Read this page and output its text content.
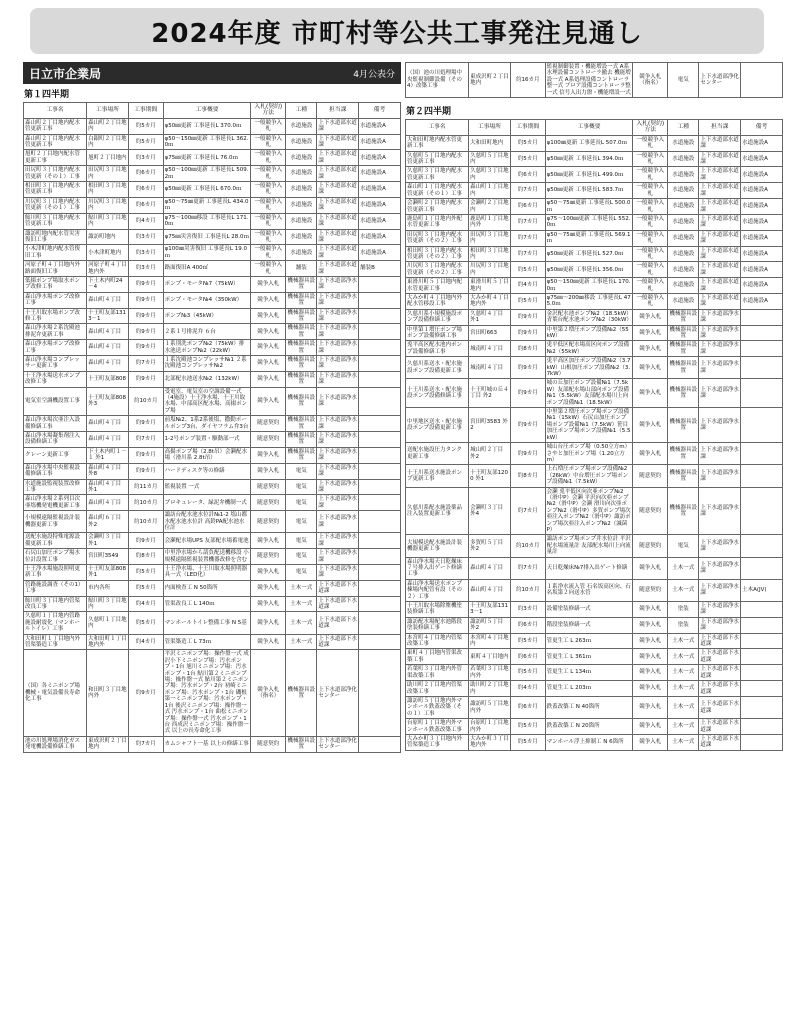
2024年度 市町村等公共工事発注見通し
日立市企業局	4月公表分
第１四半期
工事名	工事場所	工事期間	工事概要	入札(契約)方法	工種	担当課	備考
森山町２丁目地内配水管更新工事	森山町２丁目地内	約5カ月	φ50㎜更新 工事延長L 370.0ｍ	一般競争入札	水道施設	上下水道部水道課	水道施設A
森山町２丁目地内配水管更新工事	白銀町２丁目地内	約5カ月	φ50～150㎜更新 工事延長L 362.0ｍ	一般競争入札	水道施設	上下水道部水道課	水道施設A
旭町２丁目地内配水管更新工事	旭町２丁目地内	約3カ月	φ75㎜更新 工事延長L 76.0ｍ	一般競争入札	水道施設	上下水道部水道課	水道施設A
田尻町３丁目地内配水管更新（その１）工事	田尻町３丁目地内	約6カ月	φ50～100㎜更新 工事延長L 509.2ｍ	一般競争入札	水道施設	上下水道部水道課	水道施設A
相田町３丁目地内配水管更新工事	相田町３丁目地内	約6カ月	φ50㎜更新 工事延長L 670.0ｍ	一般競争入札	水道施設	上下水道部水道課	水道施設A
川尻町３丁目地内配水管更新（その１）工事	川尻町３丁目地内	約6カ月	φ50～75㎜更新 工事延長L 434.0ｍ	一般競争入札	水道施設	上下水道部水道課	水道施設A
鮎川町３丁目地内配水管更新工事	鮎川町３丁目地内	約4カ月	φ75～100㎜移設 工事延長L 171.0ｍ	一般競争入札	水道施設	上下水道部水道課	水道施設A
諏訪町地内配水管災害復旧工事	諏訪町地内	約3カ月	φ75㎜災害復旧 工事延長L 28.0ｍ	一般競争入札	水道施設	上下水道部水道課	水道施設A
小木津町地内配水管復旧工事	小木津町地内	約3カ月	φ100㎜災害復旧 工事延長L 19.0ｍ	一般競争入札	水道施設	上下水道部水道課	水道施設A
河原子町４丁目地内外路面復旧工事	河原子町４丁目地内外	約3カ月	路面復旧A 400㎡	一般競争入札	舗装	上下水道部水道課	舗装B
低揚ポンプ場取水ポンプ改修工事	下土木内町24－4	約9カ月	ポンプ・モータ№7（75kW）	競争入札	機械器具設置	上下水道部浄水課	
森山浄水場ポンプ改修工事	森山町４丁目	約9カ月	ポンプ・モータ№4（350kW）	競争入札	機械器具設置	上下水道部浄水課	
十王川取水場ポンプ改修工事	十王町友部1313－1	約9カ月	ポンプ№3（45kW）	競争入札	機械器具設置	上下水道部浄水課	
森山浄水場２系沈殿池排泥弁更新工事	森山町４丁目	約9カ月	２系１号排泥弁 ６台	競争入札	機械器具設置	上下水道部浄水課	
森山浄水場ポンプ改修工事	森山町４丁目	約9カ月	１系別洗ポンプ№2（75kW）排水池送ポンプ№2（22kW）	競争入札	機械器具設置	上下水道部浄水課	
森山浄水場コンプレッサー更新工事	森山町４丁目	約7カ月	１系沈殿池コンプレッサ№1 ２系沈殿池コンプレッサ№2	競争入札	機械器具設置	上下水道部浄水課	
十王浄水場送水ポンプ改修工事	十王町友部808	約9カ月	北部配水池送水№2（132kW）	競争入札	機械器具設置	上下水道部浄水課	
電気室空調機設置工事	十王町友部808 外3	約10カ月	受電室、電気室の空調設備一式（4施設）十王浄水場、十王川取水場、中部高区配水場、高揚ポンプ場	競争入札	機械器具設置	上下水道部浄水課	
森山浄水場次亜注入設備修繕工事	森山町４丁目	約9カ月	前塩№2、1系2系後塩、撒動ポールポンプ3台、ダイヤフラム弁3台	随意契約	機械器具設置	上下水道部浄水課	
森山浄水場凝集剤注入設備修繕工事	森山町４丁目	約7カ月	1-2号ポンプ装置・駆動部一式	随意契約	機械器具設置	上下水道部浄水課	
クレーン更新工事	下土木内町１－１ 外1	約9カ月	高揚ポンプ場（2.8t吊）会瀬配水場（滑川系 2.8t吊）	競争入札	機械器具設置	上下水道部浄水課	
森山浄水場中央監視設備修繕工事	森山町４丁目 外8	約9カ月	ハードディスク等の修繕	競争入札	電気	上下水道部浄水課	
水道施設監視装置改修工事	森山町４丁目 外1	約11カ月	監視装置 一式	随意契約	電気	上下水道部浄水課	
森山浄水場２系列目次亜塩機発電機更新工事	森山町４丁目	約10カ月	プロキュレータ、緑泥弁機制一式	随意契約	電気	上下水道部浄水課	
小規模遠隔監視設計装機器更新工事	森山町６丁目 外2	約10カ月	諏訪台配水池水位計№1-2 塩山都水配水池水位計 高鈴PA配水池水位計	随意契約	電気	上下水道部浄水課	
送配水施設特殊電源設備更新工事	会瀬町３丁目 外1	約9カ月	会瀬配水場UPS 友部配水場蓄電池	競争入札	電気	上下水道部浄水課	
石尻山加圧ポンプ場水位計設置工事	宮田町3549	約8カ月	中里浄水場から請負配送機移設 小規模遠隔監視装置機器改修を含む	随意契約	電気	上下水道部浄水課	
十王浄水場施設照明更新工事	十王町友部808 外1	約5カ月	十王浄水場、十王川取水場照明器具一式（LED化）	競争入札	電気	上下水道部浄水課	
管路施設調査（その1）工事	市内各所	約5カ月	内面検査工 N 50箇所	競争入札	土木一式	上下水道部下水道課	
鮎川町３丁目地内管渠改良工事	鮎川町３丁目地内	約4カ月	管渠改良工 L 140ｍ	競争入札	土木一式	上下水道部下水道課	
久慈町１丁目地内管路施設耐震化（マンホールトイレ）工事	久慈町１丁目地内	約5カ月	マンホールトイレ整備工事 N 5基	競争入札	土木一式	上下水道部下水道課	
大和田町１丁目地内外管渠築造工事	大和田町１丁目地内外	約4カ月	管渠築造工 L 73ｍ	競争入札	土木一式	上下水道部下水道課	
（国）各ミニポンプ場機械・電気設備長寿命化工事	和田町３丁目地内外	約9カ月	平沢ミニポンプ場：操作盤一式 成沢小下ミニポンプ場：汚水ポンプ・1台 旭川ミニポンプ場：汚水ポンプ・1台 鮎川第２ミニポンプ場：操作盤一式 鮎川第２ミニポンプ場：汚水ポンプ・2台 初崎ミニポンプ場：汚水ポンプ・1台 磯根第一ミニポンプ場：汚水ポンプ・1台 後沢ミニポンプ場：操作盤一式 汚水ポンプ・1台 曲松ミニポンプ場：操作盤一式 汚水ポンプ・1台 西成沢ミニポンプ場：操作盤一式 以上の長寿命化工事	競争入札（指名）	機械器具設置	上下水道部浄化センター	
池の川処理場消化ガス発電機設備修繕工事	東成沢町２丁目地内	約7カ月	カムシャフト一基 以上の修繕工事	随意契約	機械器具設置	上下水道部浄化センター	
（国）池の川処理場中央監視制御設備（その4）改築工事	東成沢町２丁目地内	約16カ月	監視制御装置・機能増設一式 A系水理設備コントローラ撤去 機能増設一式 A系処理設備コントローラ整一式 ブロア設備コントローラ整一式 信号入出力盤・機能増設一式	競争入札（指名）	電気	上下水道部浄化センター	
第２四半期
工事名	工事場所	工事期間	工事概要	入札(契約)方法	工種	担当課	備考
大和田町地内配水管更新工事	大和田町地内	約5カ月	φ100㎜更新 工事延長L 507.0ｍ	一般競争入札	水道施設	上下水道部水道課	水道施設A
久慈町５丁目地内配水管更新工事	久慈町５丁目地内	約5カ月	φ50㎜更新 工事延長L 394.0ｍ	一般競争入札	水道施設	上下水道部水道課	水道施設A
久慈町３丁目地内配水管更新工事	久慈町３丁目地内	約6カ月	φ50㎜更新 工事延長L 499.0ｍ	一般競争入札	水道施設	上下水道部水道課	水道施設A
森山町１丁目地内配水管更新（その１）工事	森山町１丁目地内	約7カ月	φ50㎜更新 工事延長L 583.7ｍ	一般競争入札	水道施設	上下水道部水道課	水道施設A
会瀬町２丁目地内配水管更新工事	会瀬町２丁目地内	約6カ月	φ50～75㎜更新 工事延長L 500.0ｍ	一般競争入札	水道施設	上下水道部水道課	水道施設A
鹿島町１丁目地内外配水管更新工事	鹿島町１丁目地内外	約7カ月	φ75～100㎜更新 工事延長L 552.0ｍ	一般競争入札	水道施設	上下水道部水道課	水道施設A
田尻町３丁目地内配水管更新（その２）工事	田尻町３丁目地内	約7カ月	φ50～75㎜更新 工事延長L 569.1ｍ	一般競争入札	水道施設	上下水道部水道課	水道施設A
相田町３丁目地内配水管更新（その２）工事	相田町３丁目地内	約7カ月	φ50㎜更新 工事延長L 527.0ｍ	一般競争入札	水道施設	上下水道部水道課	水道施設A
川尻町３丁目地内配水管更新（その２）工事	川尻町３丁目地内	約5カ月	φ50㎜更新 工事延長L 356.0ｍ	一般競争入札	水道施設	上下水道部水道課	水道施設A
東滑川町５丁目地内配水管更新工事	東滑川町５丁目地内	約4カ月	φ50～150㎜更新 工事延長L 170.0ｍ	一般競争入札	水道施設	上下水道部水道課	水道施設A
大みか町４丁目地内外配水管移設工事	大みか町４丁目地内外	約5カ月	φ75㎜～200㎜移設 工事延長L 475.0ｍ	一般競争入札	水道施設	上下水道部水道課	水道施設A
久慈川系小規模施設ポンプ設備修繕工事	久慈町４丁目 外1	約9カ月	金沢配水池ポンプ№2（18.5kW）青葉台配水池ポンプ№2（30kW）	競争入札	機械器具設置	上下水道部浄水課	
中里第１増圧ポンプ場ポンプ設備修繕工事	宮田町663	約9カ月	中里第２増圧ポンプ設備№2（55kW）	競争入札	機械器具設置	上下水道部浄水課	
兎平高区配水池内ポンプ設備修繕工事	城南町４丁目	約8カ月	兎平低区配水場高区向ポンプ設備№2（55kW）	競争入札	機械器具設置	上下水道部浄水課	
久慈川系送水・配水施設ポンプ設備更新工事	城南町４丁目	約9カ月	兎平高区加圧ポンプ設備№2（3.7kW）山根加圧ポンプ設備№2（3.7kW）	競争入札	機械器具設置	上下水道部浄水課	
十王川系送水・配水施設ポンプ設備修繕工事	十王町城の丘４丁目 外2	約9カ月	城の丘加圧ポンプ設備№1（7.5kW）友部配水場山部向ポンプ設備№1（5.5kW）友部配水場川上向ポンプ設備№1（18.5kW）	競争入札	機械器具設置	上下水道部浄水課	
中里地区送水・配水施設ポンプ設備更新工事	宮田町3583 外2	約9カ月	中里第２増圧ポンプ場ポンプ設備№1（15kW）石尻山加圧ポンプ場ポンプ設備№1（7.5kW）笹目加圧ポンプ場ポンプ設備№1（5.5kW）	競争入札	機械器具設置	上下水道部浄水課	
送配水施設圧力タンク更新工事	城山町２丁目 外2	約9カ月	城山台圧ポンプ場（0.50立方m）さやと加圧ポンプ場（1.20立方m）	競争入札	機械器具設置	上下水道部浄水課	
十王川系送水施設ポンプ更新工事	十王町友部1200 外1	約8カ月	上石増圧ポンプ場ポンプ設備№2（26kW）中台増圧ポンプ場ポンプ設備№1（7.5kW）	随意契約	機械器具設置	上下水道部浄水課	
久慈川系配水施設薬品注入装置更新工事	会瀬町３丁目 外4	約7カ月	会瀬 兎平低区向次亜ポンプ№2（滑中P）会瀬 平沢向次亜ポンプ№2（滑中P）会瀬 滑川向次亜ポンプ№2（滑中P）多賀ポンプ場次亜注入ポンプ№2（滑中P）諏訪ポンプ場次亜注入ポンプ№2（滅菌P）	随意契約	機械器具設置	上下水道部浄水課	
大規模送配水施設計装機器更新工事	多賀町５丁目 外2	約10カ月	諏訪ポンプ場ポンプ井水位計 平沢配水場流量計 友部配水場川上向流量計	随意契約	電気	上下水道部浄水課	
森山浄水場天日乾燥床７号排入出ゲート修繕工事	森山町４丁目	約7カ月	天日乾燥床№7排入出ゲート修繕	競争入札	土木一式	上下水道部浄水課	
森山浄水場送水ポンプ棟場内配管有設（その２）工事	森山町４丁目	約10カ月	１系浄水流入管 石名坂高区向、石名坂第２向送水管	随意契約	土木一式	上下水道部浄水課	土木A(JV)
十王川取水場除塵機塗装修繕工事	十王町友部1313－1	約3カ月	設備塗装修繕一式	競争入札	塗装	上下水道部浄水課	
諏訪配水場配水池階段塗装修繕工事	諏訪町５丁目 外2	約6カ月	階段塗装修繕一式	競争入札	塗装	上下水道部浄水課	
本宮町４丁目地内管渠改築工事	本宮町４丁目地内	約5カ月	管更生工 L 263ｍ	競争入札	土木一式	上下水道部下水道課	
東町４丁目地内管渠改築工事	東町４丁目地内	約6カ月	管更生工 L 361ｍ	競争入札	土木一式	上下水道部下水道課	
若葉町３丁目地内外管渠改築工事	若葉町３丁目地内外	約5カ月	管更生工 L 134ｍ	競争入札	土木一式	上下水道部下水道課	
助川町２丁目地内管渠改築工事	助川町２丁目地内	約4カ月	管更生工 L 203ｍ	競争入札	土木一式	上下水道部下水道課	
諏訪町５丁目地内外マンホール鉄蓋改築（その１）工事	諏訪町５丁目地内外	約6カ月	鉄蓋改築工 N 40箇所	競争入札	土木一式	上下水道部下水道課	
台原町１丁目地内外マンホール鉄蓋改築工事	台原町１丁目地内外	約5カ月	鉄蓋改築工 N 20箇所	競争入札	土木一式	上下水道部下水道課	
大みか町３丁目地内外管渠築造工事	大みか町３丁目地内外	約5カ月	マンホール浮上抑制工 N 6箇所	競争入札	土木一式	上下水道部下水道課	
